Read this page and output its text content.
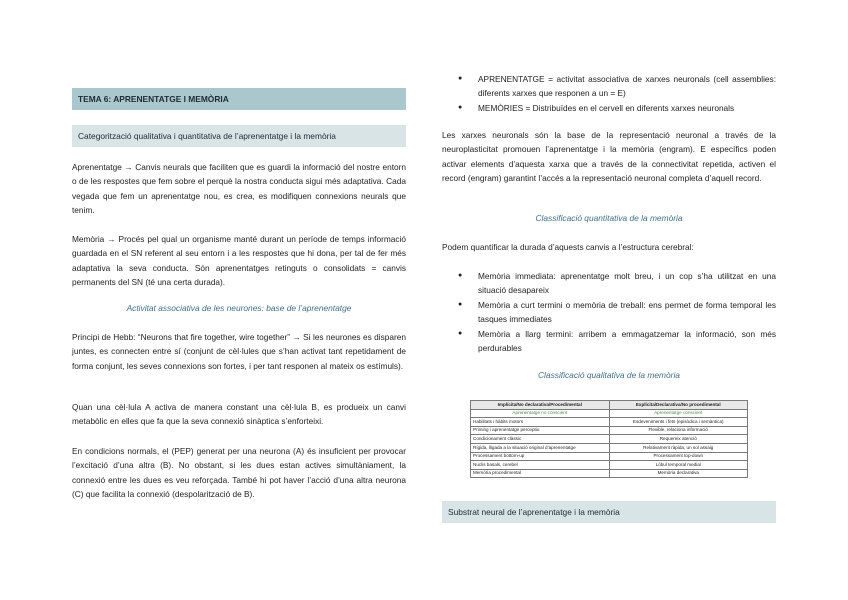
TEMA 6: APRENENTATGE I MEMÒRIA
Categorització qualitativa i quantitativa de l’aprenentatge i la memòria

Aprenentatge → Canvis neurals que faciliten que es guardi la informació del nostre entorn o de les respostes que fem sobre el perquè la nostra conducta sigui més adaptativa. Cada vegada que fem un aprenentatge nou, es crea, es modifiquen connexions neurals que tenim.

Memòria → Procés pel qual un organisme manté durant un període de temps informació guardada en el SN referent al seu entorn i a les respostes que hi dona, per tal de fer més adaptativa la seva conducta. Són aprenentatges retinguts o consolidats = canvis permanents del SN (té una certa durada).

Activitat associativa de les neurones: base de l’aprenentatge

Principi de Hebb: “Neurons that fire together, wire together” → Si les neurones es disparen juntes, es connecten entre sí (conjunt de cèl·lules que s’han activat tant repetidament de forma conjunt, les seves connexions son fortes, i per tant responen al mateix os estímuls).

Quan una cèl·lula A activa de manera constant una cèl·lula B, es produeix un canvi metabòlic en elles que fa que la seva connexió sinàptica s’enforteixi.

En condicions normals, el (PEP) generat per una neurona (A) és insuficient per provocar l’excitació d’una altra (B). No obstant, si les dues estan actives simultàniament, la connexió entre les dues es veu reforçada. També hi pot haver l’acció d’una altra neurona (C) que facilita la connexió (despolarització de B).

● APRENENTATGE = activitat associativa de xarxes neuronals (cell assemblies: diferents xarxes que responen a un = E)
● MEMÒRIES = Distribuïdes en el cervell en diferents xarxes neuronals

Les xarxes neuronals són la base de la representació neuronal a través de la neuroplasticitat promouen l’aprenentatge i la memòria (engram). E específics poden activar elements d’aquesta xarxa que a través de la connectivitat repetida, activen el record (engram) garantint l’accés a la representació neuronal completa d’aquell record.

Classificació quantitativa de la memòria

Podem quantificar la durada d’aquests canvis a l’estructura cerebral:

● Memòria immediata: aprenentatge molt breu, i un cop s’ha utilitzat en una situació desapareix
● Memòria a curt termini o memòria de treball: ens permet de forma temporal les tasques immediates
● Memòria a llarg termini: arribem a emmagatzemar la informació, son més perdurables
Classificació qualitativa de la memòria
Implícita/No declarativa/Procedimental	Explícita/Declarativa/No procedimental
Aprenentatge no conscient	Aprenentatge conscient
Habilitats i hàbits motors	Esdeveniments i fets (episòdica i semàntica)
Priming i aprenentatge perceptiu	Flexible, relaciona informació
Condicionament clàssic	Requereix atenció
Rígida, lligada a la situació original d’aprenentatge	Relativament ràpida, un sol assaig
Processament bottom-up	Processament top-down
Nuclis basals, cerebel	Lòbul temporal medial
Memòria procedimental	Memòria declarativa
Substrat neural de l’aprenentatge i la memòria
